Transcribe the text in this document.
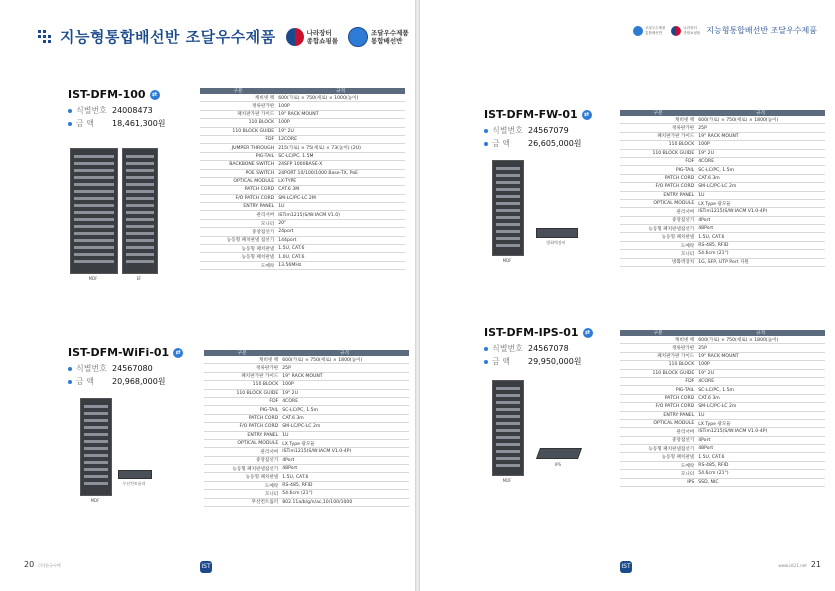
지능형통합배선반 조달우수제품	나라장터
종합쇼핑몰
조달우수제품
통합배선반
IST-DFM-100	⇄
식별번호 24008473
금 액	18,461,300원
MDF	EF
구분	규격
캐비넷 랙	600(가로) × 750(세로) × 1000(높이)
정류판가판	100P
패치판가판 가이드	19" RACK MOUNT
110 BLOCK	100P
110 BLOCK GUIDE	19" 2U
FDF	12CORE
JUMPER THROUGH	215(가로) × 75(세로) × 73(높이) (2U)
PIG-TAIL	SC-LC/PC, 1.5M
BACKBONE SWITCH	24SFP 1000BASE-X
POE SWITCH	24PORT 10/100/1000 Base-TX, PoE
OPTICAL MODULE	LX-TYPE
PATCH CORD	CAT.6 3M
F/O PATCH CORD	SM-LC/PC-LC 2M
ENTRY PANEL	1U
관리서버	ISTim1215(S/W:IACM V1.0)
모니터	20"
중앙집선기	24port
능동형 패치판넬 집선기	144port
능동형 패치판넬	1.5U, CAT.6
능동형 패치판넬	1.0U, CAT.6
도메락	13.56MHz
IST-DFM-WiFi-01	⇄
식별번호 24567080
금 액	20,968,000원
MDF
무선컨트롤러
구분	규격
캐비넷 랙	600(가로) × 750(세로) × 1800(높이)
정류판가판	25P
패치판가판 가이드	19" RACK MOUNT
110 BLOCK	100P
110 BLOCK GUIDE	19" 2U
FDF	4CORE
PIG-TAIL	SC-LC/PC, 1.5m
PATCH CORD	CAT.6 3m
F/O PATCH CORD	SM-LC/PC-LC 2m
ENTRY PANEL	1U
OPTICAL MODULE	LX Type 광모듈
관리서버	ISTim1215(S/W:IACM V1.0-4P)
중앙집선기	4Port
능동형 패치판넬집선기	48Port
능동형 패치판넬	1.5U, CAT.6
도메락	RS-485, RFID
모니터	54.6cm (21")
무선컨트롤러	802.11a/b/g/n/ac,10/100/1000
20 (주)한국시텍	IST
조달우수제품
통합배선반
나라장터
종합쇼핑몰 지능형통합배선반 조달우수제품
IST-DFM-FW-01	⇄
식별번호 24567079
금 액	26,605,000원
MDF
방화벽장비
구분	규격
캐비넷 랙	600(가로) × 750(세로) × 1800(높이)
정류판가판	25P
패치판가판 가이드	19" RACK MOUNT
110 BLOCK	100P
110 BLOCK GUIDE	19" 2U
FDF	4CORE
PIG-TAIL	SC-LC/PC, 1.5m
PATCH CORD	CAT.6 3m
F/O PATCH CORD	SM-LC/PC-LC 2m
ENTRY PANEL	1U
OPTICAL MODULE	LX Type 광모듈
관리서버	ISTim1215(S/W:IACM V1.0-4P)
중앙집선기	4Port
능동형 패치판넬집선기	48Port
능동형 패치판넬	1.5U, CAT.6
도메락	RS-485, RFID
모니터	54.6cm (21")
방화벽장치	1G, SFP, UTP Port 지원
IST-DFM-IPS-01	⇄
식별번호 24567078
금 액	29,950,000원
MDF
IPS
구분	규격
캐비넷 랙	600(가로) × 750(세로) × 1800(높이)
정류판가판	25P
패치판가판 가이드	19" RACK MOUNT
110 BLOCK	100P
110 BLOCK GUIDE	19" 2U
FDF	4CORE
PIG-TAIL	SC-LC/PC, 1.5m
PATCH CORD	CAT.6 3m
F/O PATCH CORD	SM-LC/PC-LC 2m
ENTRY PANEL	1U
OPTICAL MODULE	LX Type 광모듈
관리서버	ISTim1215(S/W:IACM V1.0-4P)
중앙집선기	4Port
능동형 패치판넬집선기	48Port
능동형 패치판넬	1.5U, CAT.6
도메락	RS-485, RFID
모니터	54.6cm (21")
IPS	SSD, NIC
IST	www.ist21.net 21
